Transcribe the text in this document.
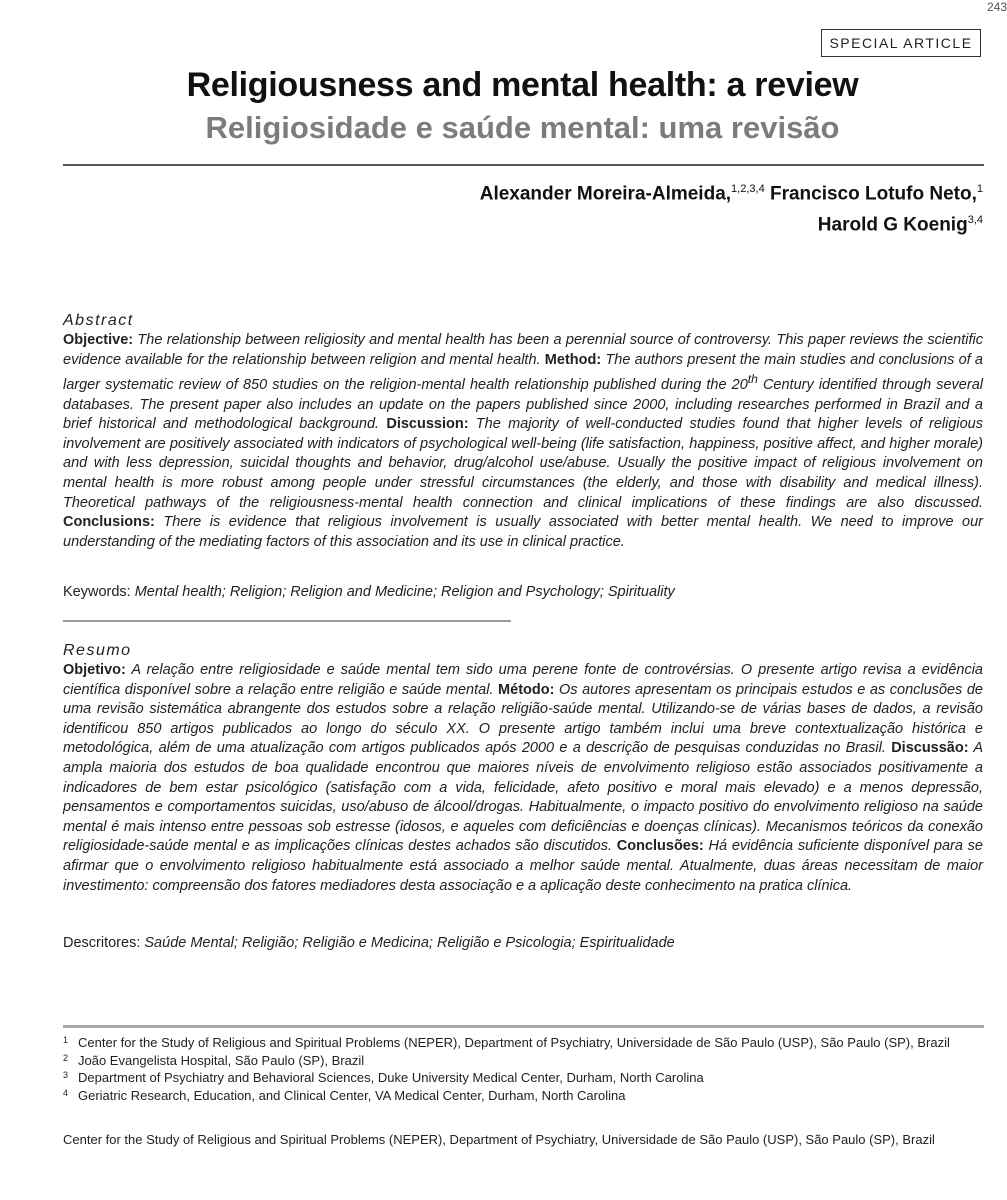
243
SPECIAL ARTICLE
Religiousness and mental health: a review
Religiosidade e saúde mental: uma revisão
Alexander Moreira-Almeida,$^{1,2,3,4}$ Francisco Lotufo Neto,$^1$
Harold G Koenig$^{3,4}$
Abstract
Objective: The relationship between religiosity and mental health has been a perennial source of controversy. This paper reviews the scientific evidence available for the relationship between religion and mental health. Method: The authors present the main studies and conclusions of a larger systematic review of 850 studies on the religion-mental health relationship published during the 20th Century identified through several databases. The present paper also includes an update on the papers published since 2000, including researches performed in Brazil and a brief historical and methodological background. Discussion: The majority of well-conducted studies found that higher levels of religious involvement are positively associated with indicators of psychological well-being (life satisfaction, happiness, positive affect, and higher morale) and with less depression, suicidal thoughts and behavior, drug/alcohol use/abuse. Usually the positive impact of religious involvement on mental health is more robust among people under stressful circumstances (the elderly, and those with disability and medical illness). Theoretical pathways of the religiousness-mental health connection and clinical implications of these findings are also discussed. Conclusions: There is evidence that religious involvement is usually associated with better mental health. We need to improve our understanding of the mediating factors of this association and its use in clinical practice.
Keywords: Mental health; Religion; Religion and Medicine; Religion and Psychology; Spirituality
Resumo
Objetivo: A relação entre religiosidade e saúde mental tem sido uma perene fonte de controvérsias. O presente artigo revisa a evidência científica disponível sobre a relação entre religião e saúde mental. Método: Os autores apresentam os principais estudos e as conclusões de uma revisão sistemática abrangente dos estudos sobre a relação religião-saúde mental. Utilizando-se de várias bases de dados, a revisão identificou 850 artigos publicados ao longo do século XX. O presente artigo também inclui uma breve contextualização histórica e metodológica, além de uma atualização com artigos publicados após 2000 e a descrição de pesquisas conduzidas no Brasil. Discussão: A ampla maioria dos estudos de boa qualidade encontrou que maiores níveis de envolvimento religioso estão associados positivamente a indicadores de bem estar psicológico (satisfação com a vida, felicidade, afeto positivo e moral mais elevado) e a menos depressão, pensamentos e comportamentos suicidas, uso/abuso de álcool/drogas. Habitualmente, o impacto positivo do envolvimento religioso na saúde mental é mais intenso entre pessoas sob estresse (idosos, e aqueles com deficiências e doenças clínicas). Mecanismos teóricos da conexão religiosidade-saúde mental e as implicações clínicas destes achados são discutidos. Conclusões: Há evidência suficiente disponível para se afirmar que o envolvimento religioso habitualmente está associado a melhor saúde mental. Atualmente, duas áreas necessitam de maior investimento: compreensão dos fatores mediadores desta associação e a aplicação deste conhecimento na pratica clínica.
Descritores: Saúde Mental; Religião; Religião e Medicina; Religião e Psicologia; Espiritualidade
1 Center for the Study of Religious and Spiritual Problems (NEPER), Department of Psychiatry, Universidade de São Paulo (USP), São Paulo (SP), Brazil
2 João Evangelista Hospital, São Paulo (SP), Brazil
3 Department of Psychiatry and Behavioral Sciences, Duke University Medical Center, Durham, North Carolina
4 Geriatric Research, Education, and Clinical Center, VA Medical Center, Durham, North Carolina
Center for the Study of Religious and Spiritual Problems (NEPER), Department of Psychiatry, Universidade de São Paulo (USP), São Paulo (SP), Brazil
